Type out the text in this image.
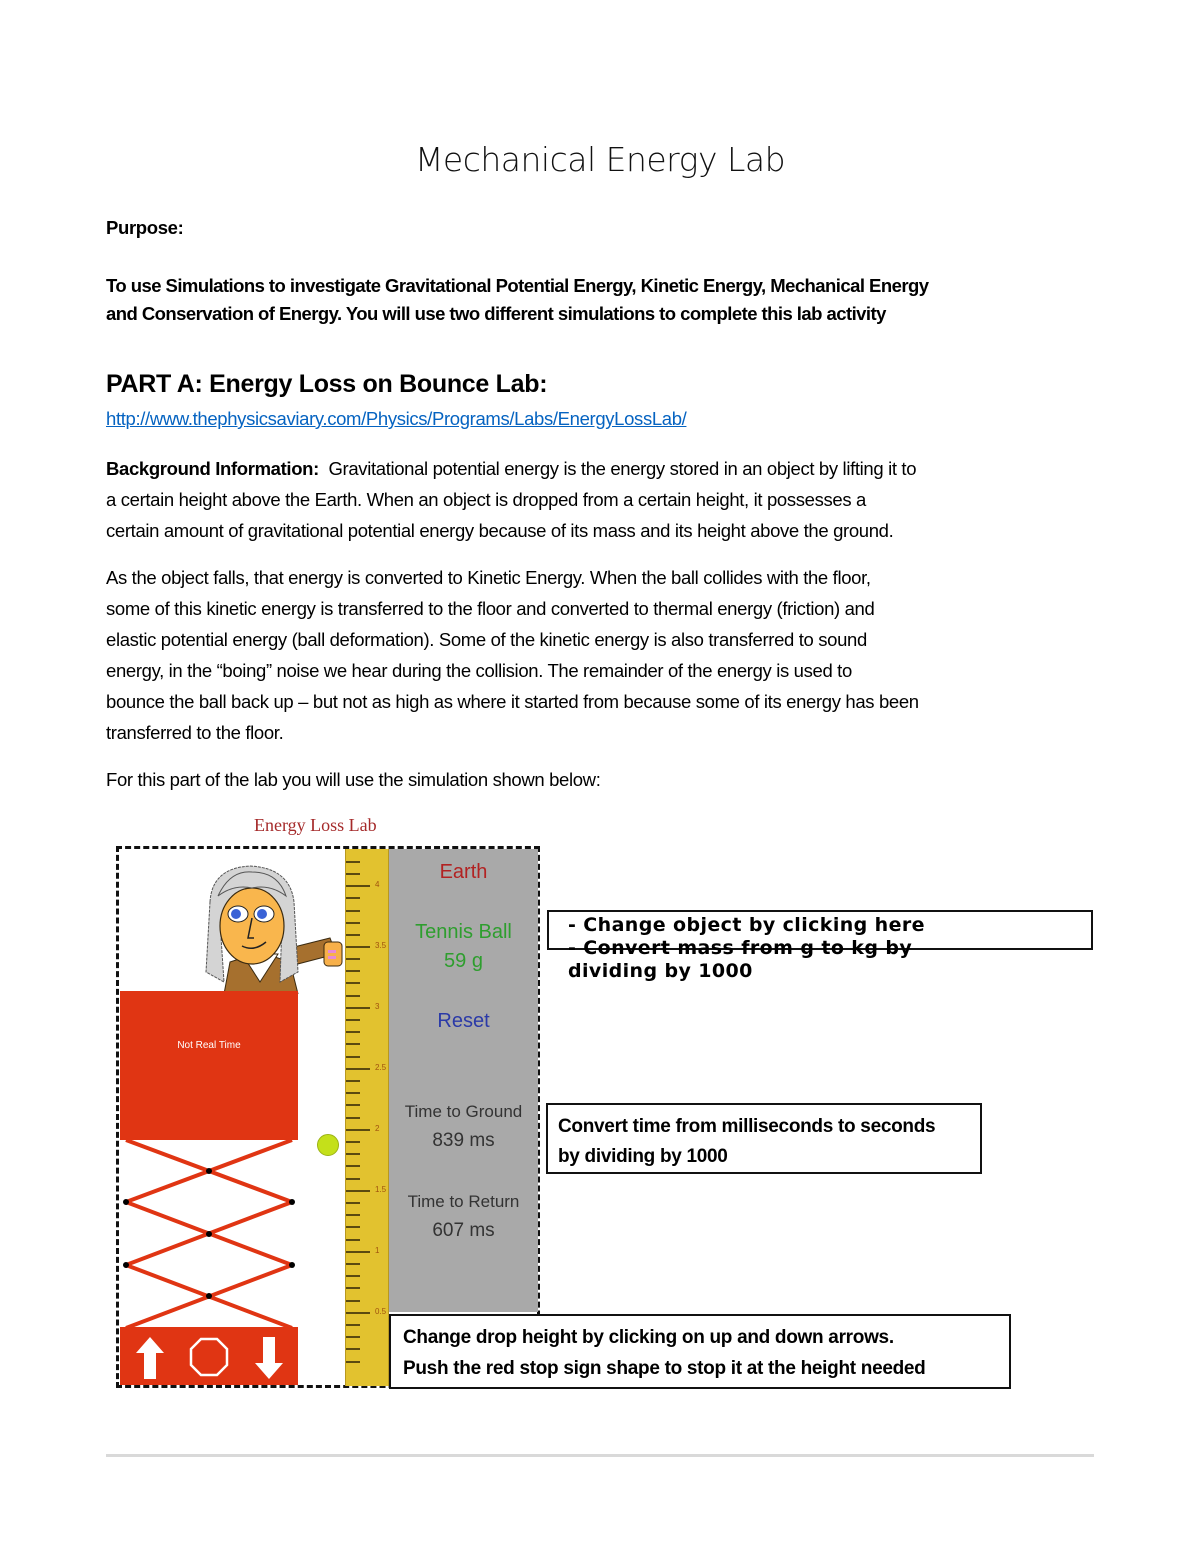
Mechanical Energy Lab
Purpose:
To use Simulations to investigate Gravitational Potential Energy, Kinetic Energy, Mechanical Energy
and Conservation of Energy. You will use two different simulations to complete this lab activity
PART A: Energy Loss on Bounce Lab:
http://www.thephysicsaviary.com/Physics/Programs/Labs/EnergyLossLab/
Background Information: Gravitational potential energy is the energy stored in an object by lifting it to
a certain height above the Earth. When an object is dropped from a certain height, it possesses a
certain amount of gravitational potential energy because of its mass and its height above the ground.
As the object falls, that energy is converted to Kinetic Energy. When the ball collides with the floor,
some of this kinetic energy is transferred to the floor and converted to thermal energy (friction) and
elastic potential energy (ball deformation). Some of the kinetic energy is also transferred to sound
energy, in the “boing” noise we hear during the collision. The remainder of the energy is used to
bounce the ball back up – but not as high as where it started from because some of its energy has been
transferred to the floor.
For this part of the lab you will use the simulation shown below:
Energy Loss Lab
Not Real Time
4
3.5
3
2.5
2
1.5
1
0.5
Earth
Tennis Ball
59 g
Reset
Time to Ground
839 ms
Time to Return
607 ms
- Change object by clicking here
- Convert mass from g to kg by
dividing by 1000
Convert time from milliseconds to seconds
by dividing by 1000
Change drop height by clicking on up and down arrows.
Push the red stop sign shape to stop it at the height needed
